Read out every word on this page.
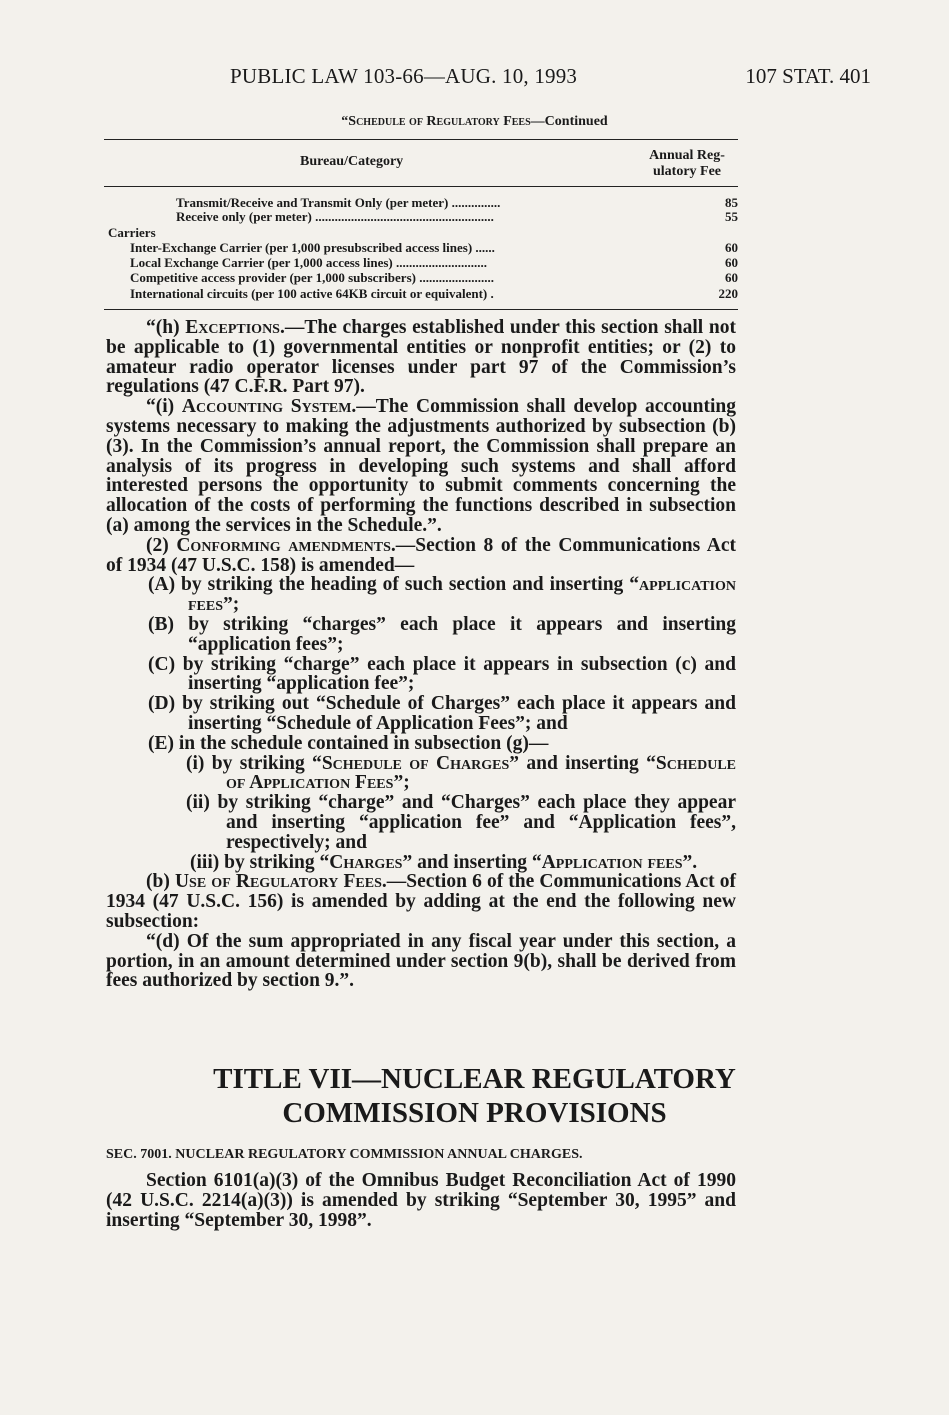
PUBLIC LAW 103-66—AUG. 10, 1993	107 STAT. 401
“Schedule of Regulatory Fees—Continued
Bureau/Category	Annual Reg-ulatory Fee
Transmit/Receive and Transmit Only (per meter) ...............	85
Receive only (per meter) .......................................................	55
Carriers
Inter-Exchange Carrier (per 1,000 presubscribed access lines) ......	60
Local Exchange Carrier (per 1,000 access lines) ............................	60
Competitive access provider (per 1,000 subscribers) .......................	60
International circuits (per 100 active 64KB circuit or equivalent) .	220

“(h) Exceptions.—The charges established under this section shall not be applicable to (1) governmental entities or nonprofit entities; or (2) to amateur radio operator licenses under part 97 of the Commission’s regulations (47 C.F.R. Part 97).

“(i) Accounting System.—The Commission shall develop accounting systems necessary to making the adjustments authorized by subsection (b)(3). In the Commission’s annual report, the Commission shall prepare an analysis of its progress in developing such systems and shall afford interested persons the opportunity to submit comments concerning the allocation of the costs of performing the functions described in subsection (a) among the services in the Schedule.”.

(2) Conforming amendments.—Section 8 of the Communications Act of 1934 (47 U.S.C. 158) is amended—

(A) by striking the heading of such section and inserting “application fees”;

(B) by striking “charges” each place it appears and inserting “application fees”;

(C) by striking “charge” each place it appears in subsection (c) and inserting “application fee”;

(D) by striking out “Schedule of Charges” each place it appears and inserting “Schedule of Application Fees”; and

(E) in the schedule contained in subsection (g)—

(i) by striking “Schedule of Charges” and inserting “Schedule of Application Fees”;

(ii) by striking “charge” and “Charges” each place they appear and inserting “application fee” and “Application fees”, respectively; and

(iii) by striking “Charges” and inserting “Application fees”.

(b) Use of Regulatory Fees.—Section 6 of the Communications Act of 1934 (47 U.S.C. 156) is amended by adding at the end the following new subsection:

“(d) Of the sum appropriated in any fiscal year under this section, a portion, in an amount determined under section 9(b), shall be derived from fees authorized by section 9.”.

TITLE VII—NUCLEAR REGULATORY
COMMISSION PROVISIONS
SEC. 7001. NUCLEAR REGULATORY COMMISSION ANNUAL CHARGES.

Section 6101(a)(3) of the Omnibus Budget Reconciliation Act of 1990 (42 U.S.C. 2214(a)(3)) is amended by striking “September 30, 1995” and inserting “September 30, 1998”.
